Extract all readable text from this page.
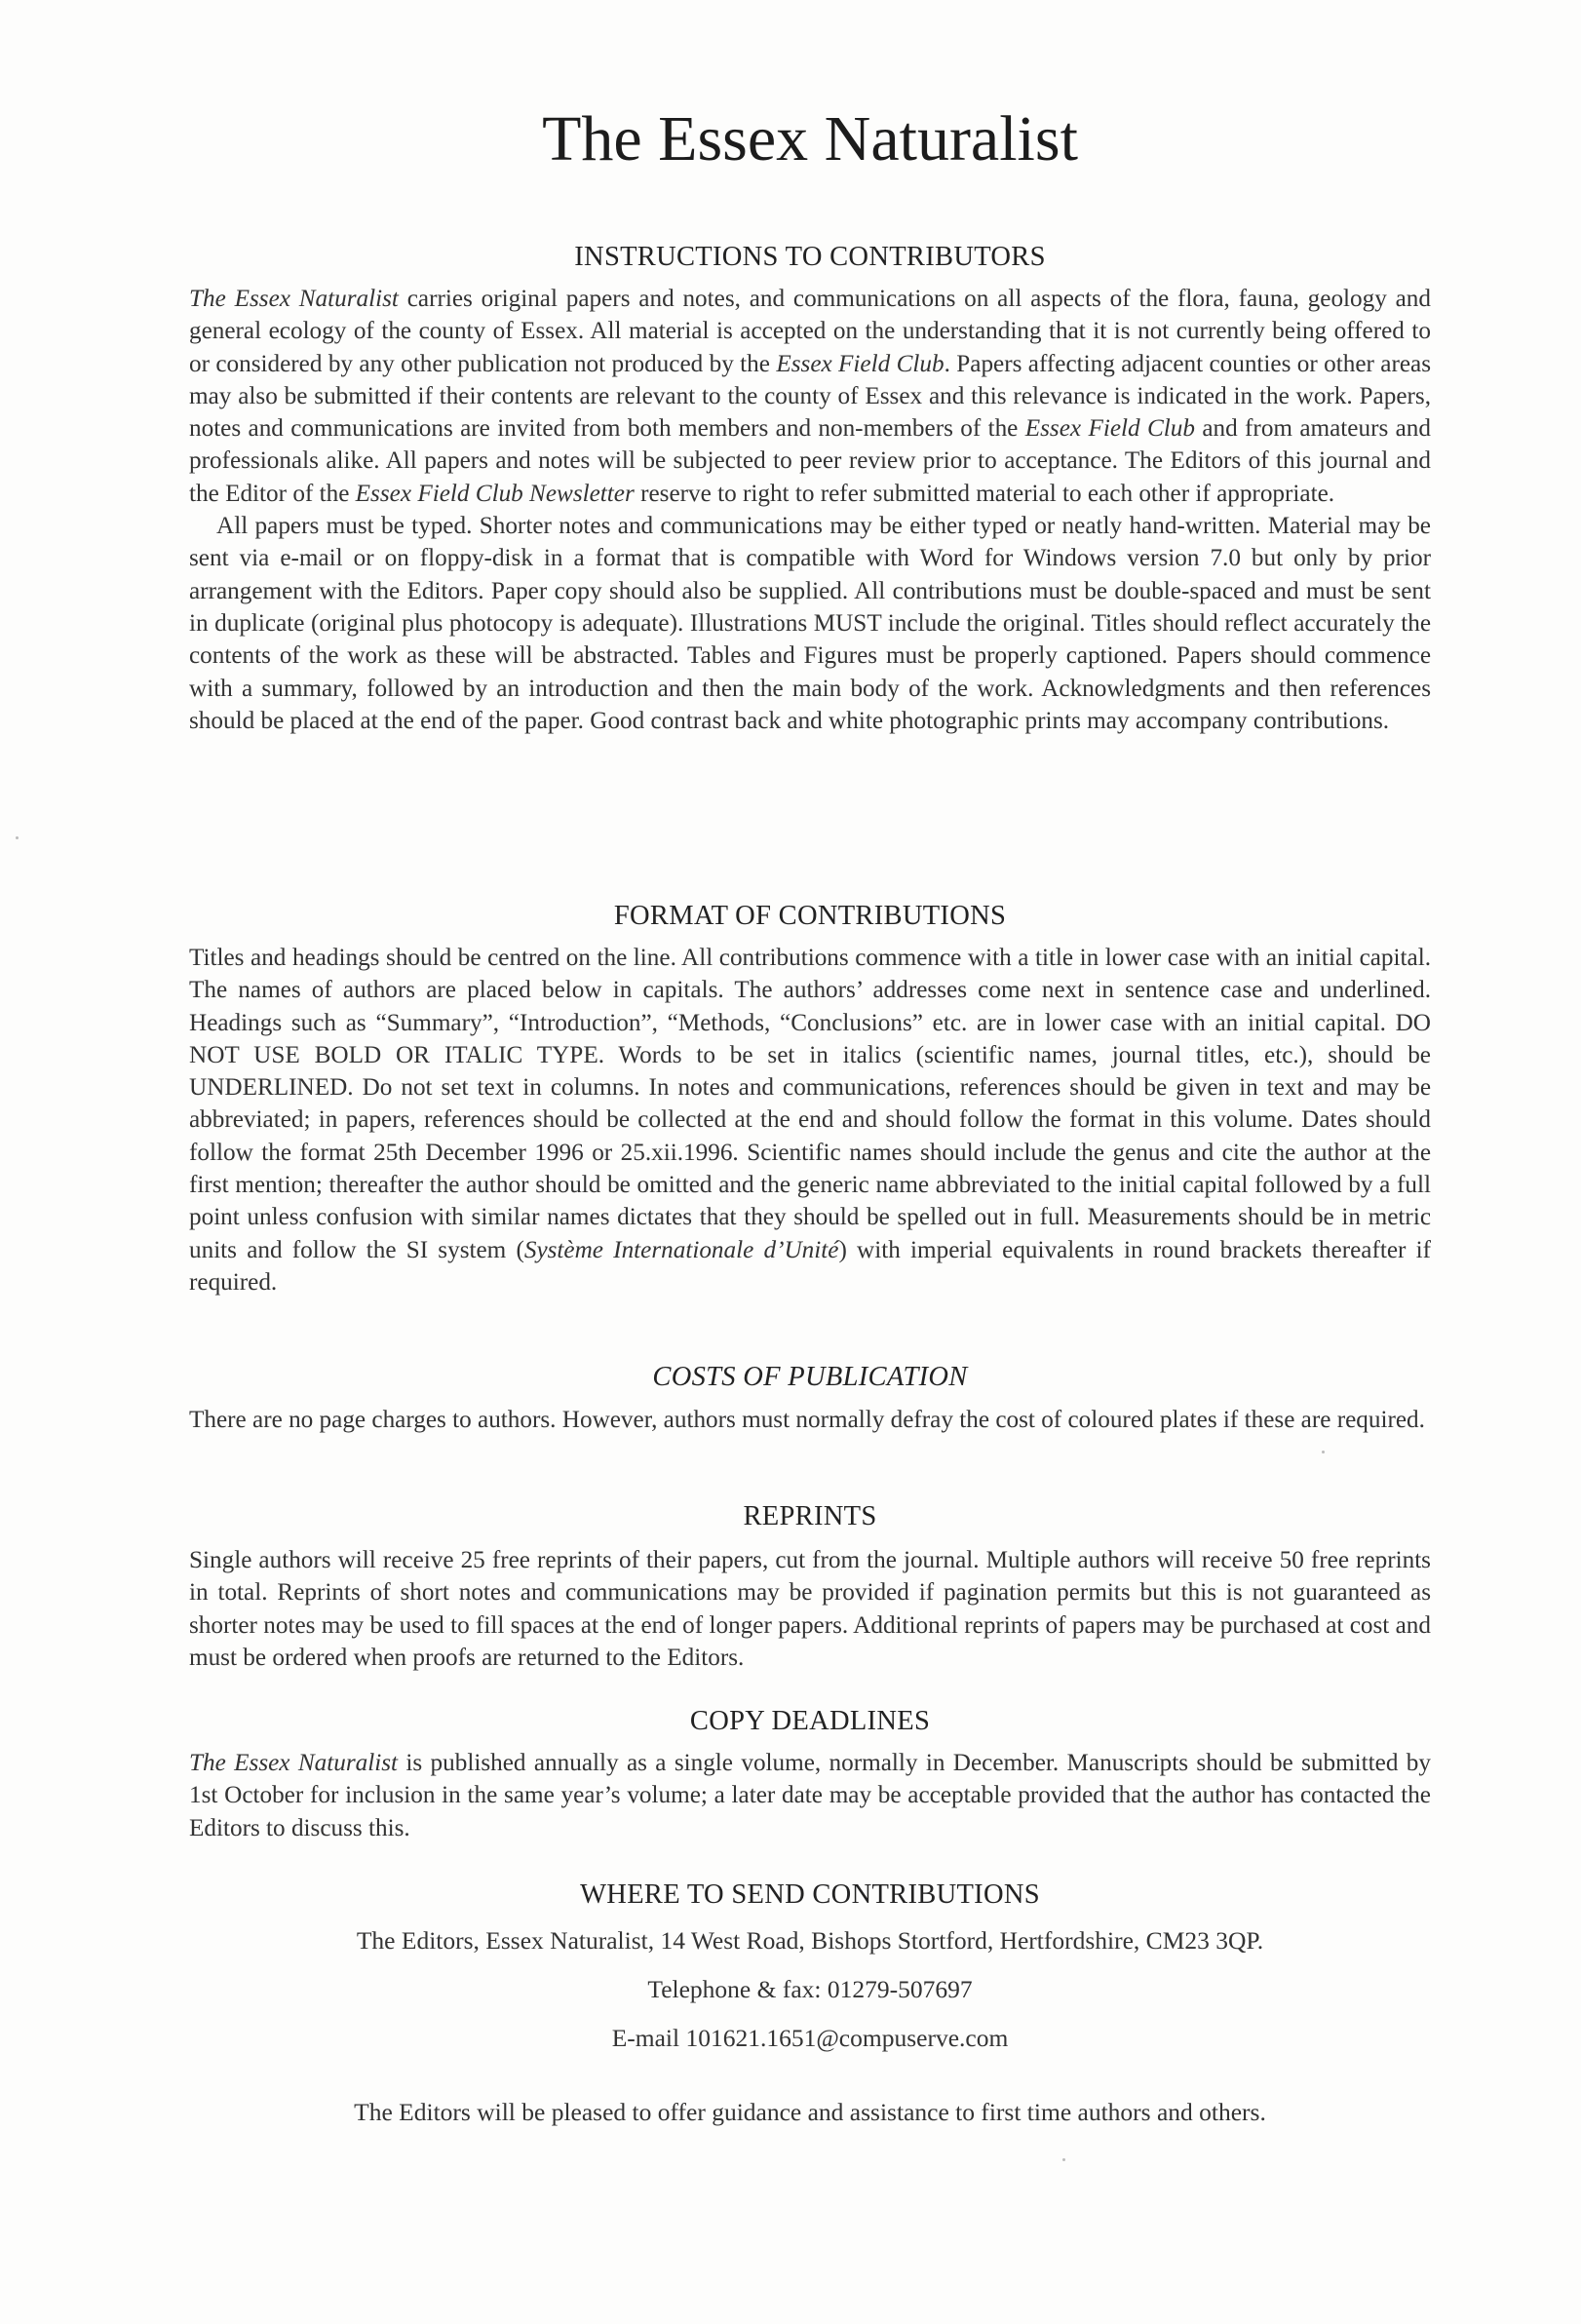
The Essex Naturalist
INSTRUCTIONS TO CONTRIBUTORS

The Essex Naturalist carries original papers and notes, and communications on all aspects of the flora, fauna, geology and general ecology of the county of Essex. All material is accepted on the understanding that it is not currently being offered to or considered by any other publication not produced by the Essex Field Club. Papers affecting adjacent counties or other areas may also be submitted if their contents are relevant to the county of Essex and this relevance is indicated in the work. Papers, notes and communications are invited from both members and non-members of the Essex Field Club and from amateurs and professionals alike. All papers and notes will be subjected to peer review prior to acceptance. The Editors of this journal and the Editor of the Essex Field Club Newsletter reserve to right to refer submitted material to each other if appropriate.

All papers must be typed. Shorter notes and communications may be either typed or neatly hand-written. Material may be sent via e-mail or on floppy-disk in a format that is compatible with Word for Windows version 7.0 but only by prior arrangement with the Editors. Paper copy should also be supplied. All contributions must be double-spaced and must be sent in duplicate (original plus photocopy is adequate). Illustrations MUST include the original. Titles should reflect accurately the contents of the work as these will be abstracted. Tables and Figures must be properly captioned. Papers should commence with a summary, followed by an introduction and then the main body of the work. Acknowledgments and then references should be placed at the end of the paper. Good contrast back and white photographic prints may accompany contributions.

FORMAT OF CONTRIBUTIONS

Titles and headings should be centred on the line. All contributions commence with a title in lower case with an initial capital. The names of authors are placed below in capitals. The authors’ addresses come next in sentence case and underlined. Headings such as “Summary”, “Introduction”, “Methods, “Conclusions” etc. are in lower case with an initial capital. DO NOT USE BOLD OR ITALIC TYPE. Words to be set in italics (scientific names, journal titles, etc.), should be UNDERLINED. Do not set text in columns. In notes and communications, references should be given in text and may be abbreviated; in papers, references should be collected at the end and should follow the format in this volume. Dates should follow the format 25th December 1996 or 25.xii.1996. Scientific names should include the genus and cite the author at the first mention; thereafter the author should be omitted and the generic name abbreviated to the initial capital followed by a full point unless confusion with similar names dictates that they should be spelled out in full. Measurements should be in metric units and follow the SI system (Système Internationale d’Unité) with imperial equivalents in round brackets thereafter if required.

COSTS OF PUBLICATION

There are no page charges to authors. However, authors must normally defray the cost of coloured plates if these are required.

REPRINTS

Single authors will receive 25 free reprints of their papers, cut from the journal. Multiple authors will receive 50 free reprints in total. Reprints of short notes and communications may be provided if pagination permits but this is not guaranteed as shorter notes may be used to fill spaces at the end of longer papers. Additional reprints of papers may be purchased at cost and must be ordered when proofs are returned to the Editors.

COPY DEADLINES

The Essex Naturalist is published annually as a single volume, normally in December. Manuscripts should be submitted by 1st October for inclusion in the same year’s volume; a later date may be acceptable provided that the author has contacted the Editors to discuss this.

WHERE TO SEND CONTRIBUTIONS

The Editors, Essex Naturalist, 14 West Road, Bishops Stortford, Hertfordshire, CM23 3QP.

Telephone & fax: 01279-507697

E-mail 101621.1651@compuserve.com

The Editors will be pleased to offer guidance and assistance to first time authors and others.
